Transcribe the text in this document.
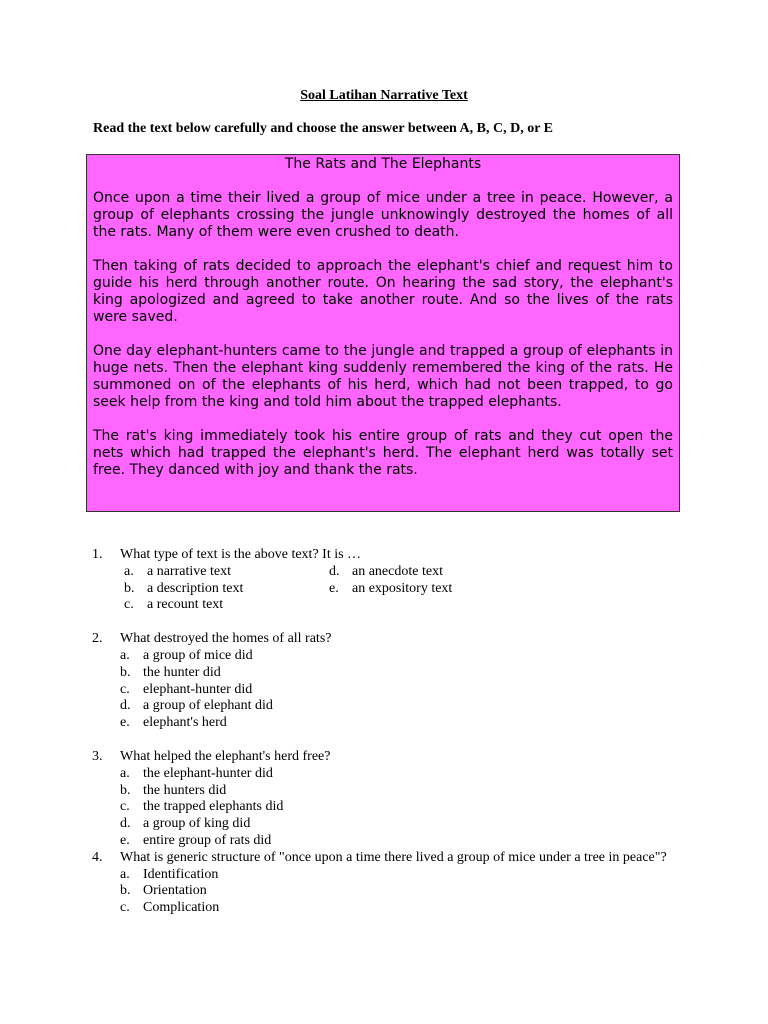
Soal Latihan Narrative Text
Read the text below carefully and choose the answer between A, B, C, D, or E
The Rats and The Elephants
Once upon a time their lived a group of mice under a tree in peace. However, a group of elephants crossing the jungle unknowingly destroyed the homes of all the rats. Many of them were even crushed to death.
Then taking of rats decided to approach the elephant's chief and request him to guide his herd through another route. On hearing the sad story, the elephant's king apologized and agreed to take another route. And so the lives of the rats were saved.
One day elephant-hunters came to the jungle and trapped a group of elephants in huge nets. Then the elephant king suddenly remembered the king of the rats. He summoned on of the elephants of his herd, which had not been trapped, to go seek help from the king and told him about the trapped elephants.
The rat's king immediately took his entire group of rats and they cut open the nets which had trapped the elephant's herd. The elephant herd was totally set free. They danced with joy and thank the rats.
1.	What type of text is the above text? It is …
a. a narrative text	d. an anecdote text
b. a description text	e. an expository text
c. a recount text
2.	What destroyed the homes of all rats?
a. a group of mice did
b. the hunter did
c. elephant-hunter did
d. a group of elephant did
e. elephant's herd
3.	What helped the elephant's herd free?
a. the elephant-hunter did
b. the hunters did
c. the trapped elephants did
d. a group of king did
e. entire group of rats did
4.	What is generic structure of "once upon a time there lived a group of mice under a tree in peace"?
a. Identification
b. Orientation
c. Complication
